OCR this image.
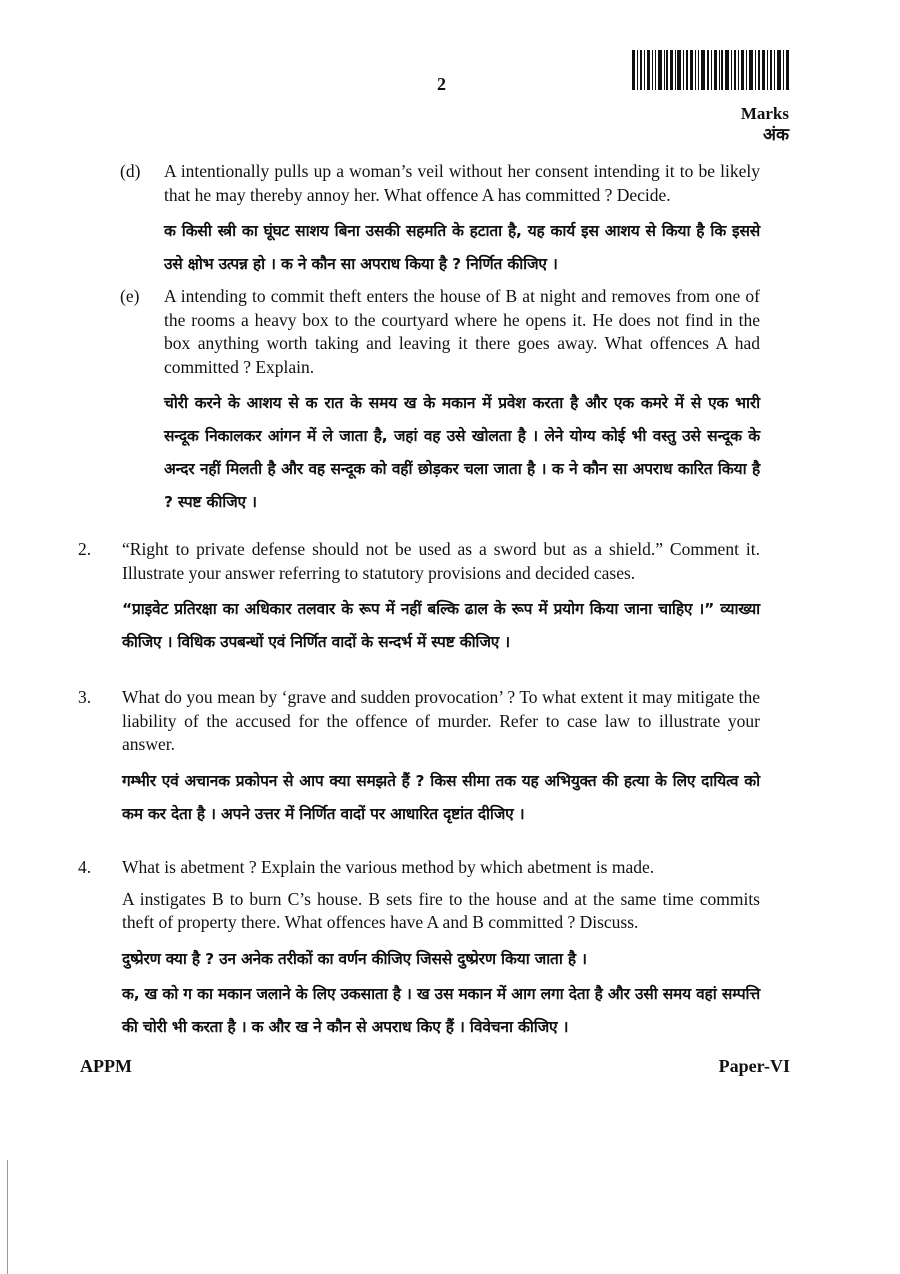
2
Marks
अंक
(d) A intentionally pulls up a woman’s veil without her consent intending it to be likely that he may thereby annoy her. What offence A has committed ? Decide.

क किसी स्त्री का घूंघट साशय बिना उसकी सहमति के हटाता है, यह कार्य इस आशय से किया है कि इससे उसे क्षोभ उत्पन्न हो । क ने कौन सा अपराध किया है ? निर्णित कीजिए ।

(e) A intending to commit theft enters the house of B at night and removes from one of the rooms a heavy box to the courtyard where he opens it. He does not find in the box anything worth taking and leaving it there goes away. What offences A had committed ? Explain.

चोरी करने के आशय से क रात के समय ख के मकान में प्रवेश करता है और एक कमरे में से एक भारी सन्दूक निकालकर आंगन में ले जाता है, जहां वह उसे खोलता है । लेने योग्य कोई भी वस्तु उसे सन्दूक के अन्दर नहीं मिलती है और वह सन्दूक को वहीं छोड़कर चला जाता है । क ने कौन सा अपराध कारित किया है ? स्पष्ट कीजिए ।

2. “Right to private defense should not be used as a sword but as a shield.” Comment it. Illustrate your answer referring to statutory provisions and decided cases.

“प्राइवेट प्रतिरक्षा का अधिकार तलवार के रूप में नहीं बल्कि ढाल के रूप में प्रयोग किया जाना चाहिए ।” व्याख्या कीजिए । विधिक उपबन्धों एवं निर्णित वादों के सन्दर्भ में स्पष्ट कीजिए ।

3. What do you mean by ‘grave and sudden provocation’ ? To what extent it may mitigate the liability of the accused for the offence of murder. Refer to case law to illustrate your answer.

गम्भीर एवं अचानक प्रकोपन से आप क्या समझते हैं ? किस सीमा तक यह अभियुक्त की हत्या के लिए दायित्व को कम कर देता है । अपने उत्तर में निर्णित वादों पर आधारित दृष्टांत दीजिए ।

4. What is abetment ? Explain the various method by which abetment is made.

A instigates B to burn C’s house. B sets fire to the house and at the same time commits theft of property there. What offences have A and B committed ? Discuss.

दुष्प्रेरण क्या है ? उन अनेक तरीकों का वर्णन कीजिए जिससे दुष्प्रेरण किया जाता है ।

क, ख को ग का मकान जलाने के लिए उकसाता है । ख उस मकान में आग लगा देता है और उसी समय वहां सम्पत्ति की चोरी भी करता है । क और ख ने कौन से अपराध किए हैं । विवेचना कीजिए ।

APPM	Paper-VI
